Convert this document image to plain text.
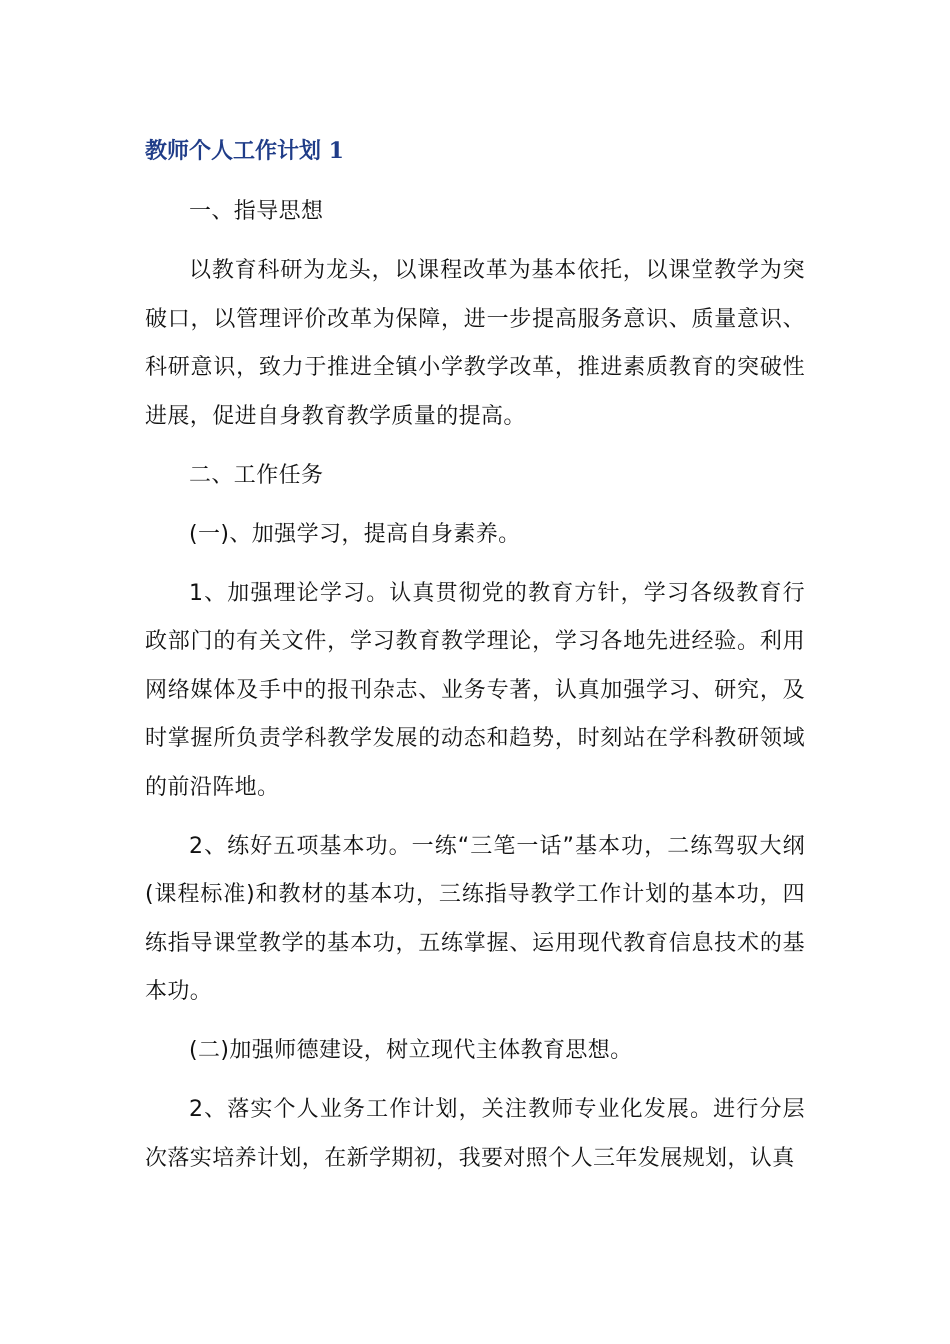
教师个人工作计划 1

一、指导思想

以教育科研为龙头，以课程改革为基本依托，以课堂教学为突破口，以管理评价改革为保障，进一步提高服务意识、质量意识、科研意识，致力于推进全镇小学教学改革，推进素质教育的突破性进展，促进自身教育教学质量的提高。

二、工作任务

(一)、加强学习，提高自身素养。

1、加强理论学习。认真贯彻党的教育方针，学习各级教育行政部门的有关文件，学习教育教学理论，学习各地先进经验。利用网络媒体及手中的报刊杂志、业务专著，认真加强学习、研究，及时掌握所负责学科教学发展的动态和趋势，时刻站在学科教研领域的前沿阵地。

2、练好五项基本功。一练“三笔一话”基本功，二练驾驭大纲(课程标准)和教材的基本功，三练指导教学工作计划的基本功，四练指导课堂教学的基本功，五练掌握、运用现代教育信息技术的基本功。

(二)加强师德建设，树立现代主体教育思想。

2、落实个人业务工作计划，关注教师专业化发展。进行分层次落实培养计划，在新学期初，我要对照个人三年发展规划，认真
